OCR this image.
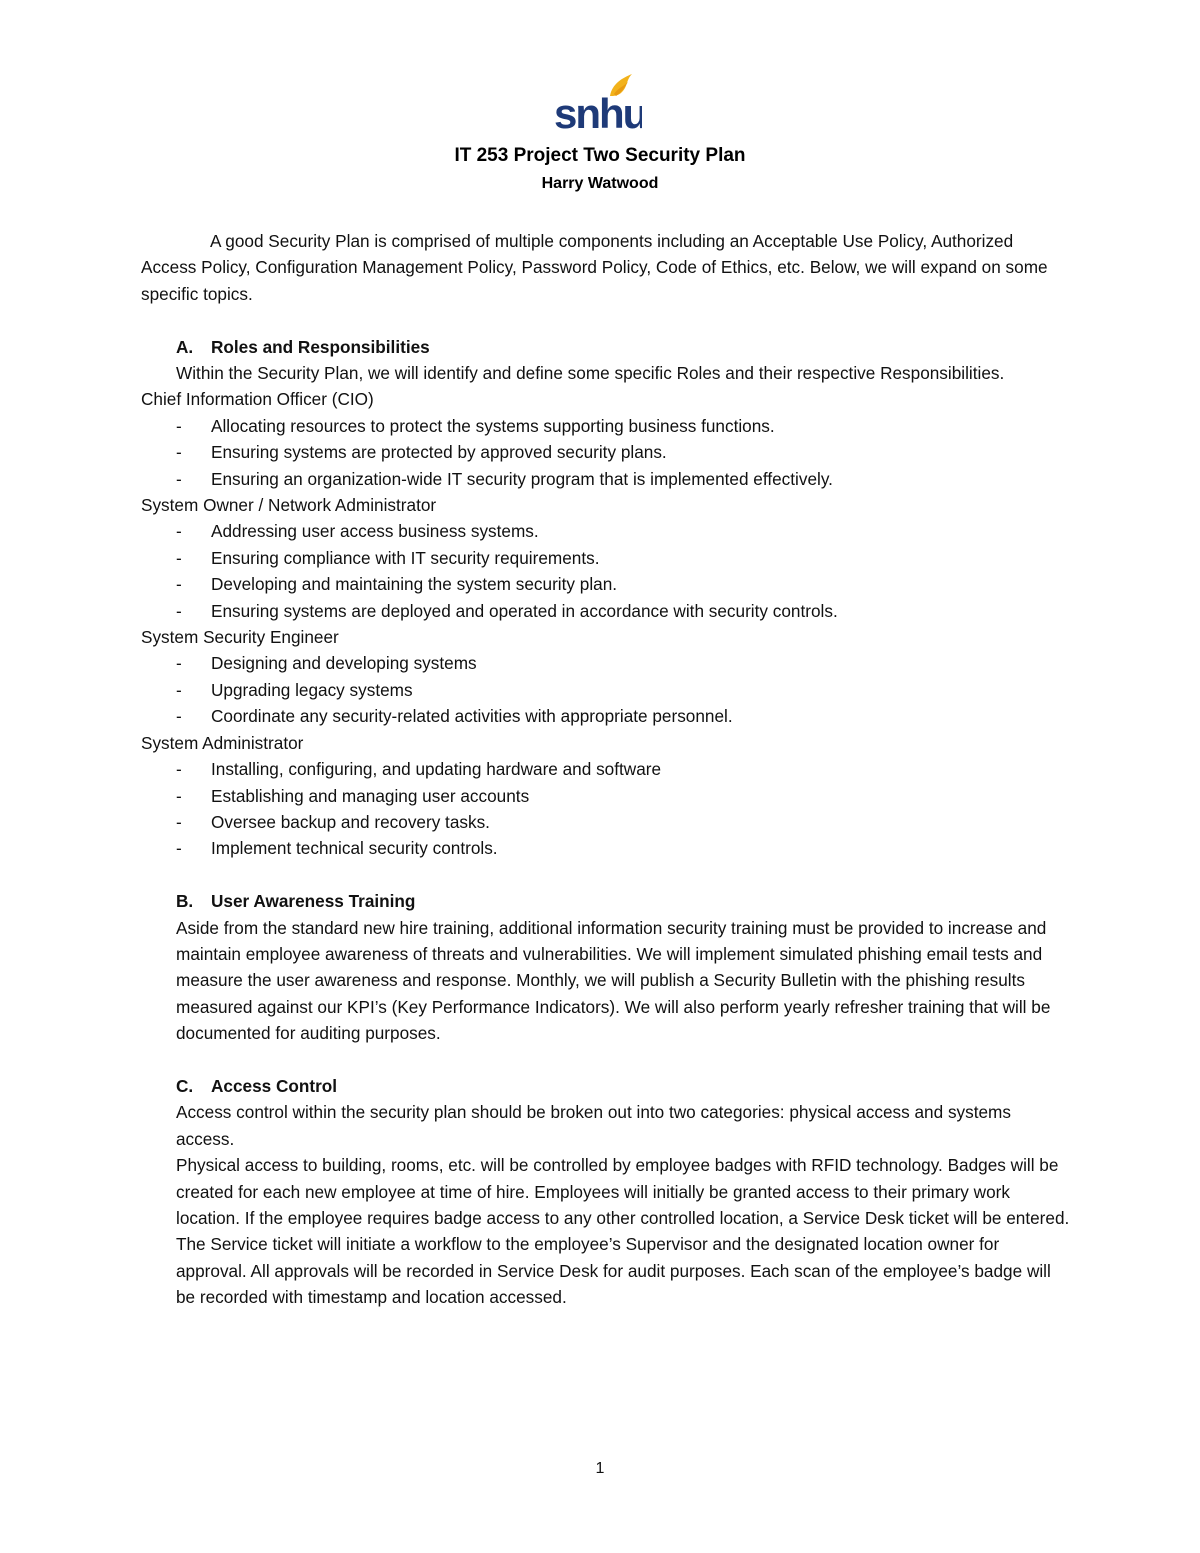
snhu
IT 253 Project Two Security Plan
Harry Watwood

A good Security Plan is comprised of multiple components including an Acceptable Use Policy, Authorized Access Policy, Configuration Management Policy, Password Policy, Code of Ethics, etc. Below, we will expand on some specific topics.

A. Roles and Responsibilities

Within the Security Plan, we will identify and define some specific Roles and their respective Responsibilities.

Chief Information Officer (CIO)

- Allocating resources to protect the systems supporting business functions.
- Ensuring systems are protected by approved security plans.
- Ensuring an organization-wide IT security program that is implemented effectively.

System Owner / Network Administrator

- Addressing user access business systems.
- Ensuring compliance with IT security requirements.
- Developing and maintaining the system security plan.
- Ensuring systems are deployed and operated in accordance with security controls.

System Security Engineer

- Designing and developing systems
- Upgrading legacy systems
- Coordinate any security-related activities with appropriate personnel.

System Administrator

- Installing, configuring, and updating hardware and software
- Establishing and managing user accounts
- Oversee backup and recovery tasks.
- Implement technical security controls.

B. User Awareness Training

Aside from the standard new hire training, additional information security training must be provided to increase and maintain employee awareness of threats and vulnerabilities. We will implement simulated phishing email tests and measure the user awareness and response. Monthly, we will publish a Security Bulletin with the phishing results measured against our KPI’s (Key Performance Indicators). We will also perform yearly refresher training that will be documented for auditing purposes.

C. Access Control

Access control within the security plan should be broken out into two categories: physical access and systems access.

Physical access to building, rooms, etc. will be controlled by employee badges with RFID technology. Badges will be created for each new employee at time of hire. Employees will initially be granted access to their primary work location. If the employee requires badge access to any other controlled location, a Service Desk ticket will be entered. The Service ticket will initiate a workflow to the employee’s Supervisor and the designated location owner for approval. All approvals will be recorded in Service Desk for audit purposes. Each scan of the employee’s badge will be recorded with timestamp and location accessed.

1
